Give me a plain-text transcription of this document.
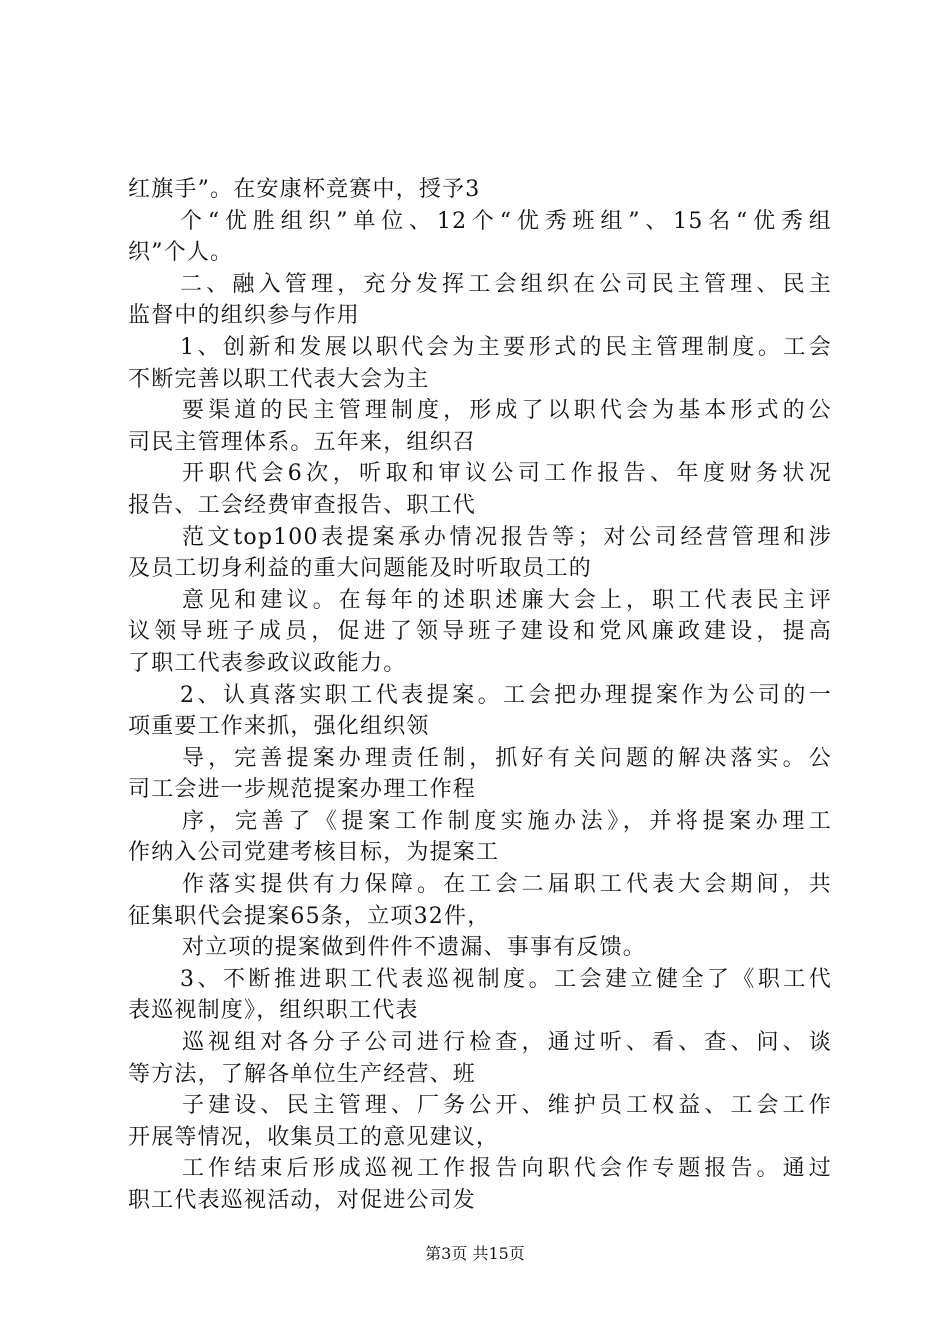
红旗手”。在安康杯竞赛中，授予3
个“优胜组织”单位、12个“优秀班组”、15名“优秀组
织”个人。
二、融入管理，充分发挥工会组织在公司民主管理、民主
监督中的组织参与作用
1、创新和发展以职代会为主要形式的民主管理制度。工会
不断完善以职工代表大会为主
要渠道的民主管理制度，形成了以职代会为基本形式的公
司民主管理体系。五年来，组织召
开职代会6次，听取和审议公司工作报告、年度财务状况
报告、工会经费审查报告、职工代
范文top100表提案承办情况报告等；对公司经营管理和涉
及员工切身利益的重大问题能及时听取员工的
意见和建议。在每年的述职述廉大会上，职工代表民主评
议领导班子成员，促进了领导班子建设和党风廉政建设，提高
了职工代表参政议政能力。
2、认真落实职工代表提案。工会把办理提案作为公司的一
项重要工作来抓，强化组织领
导，完善提案办理责任制，抓好有关问题的解决落实。公
司工会进一步规范提案办理工作程
序，完善了《提案工作制度实施办法》，并将提案办理工
作纳入公司党建考核目标，为提案工
作落实提供有力保障。在工会二届职工代表大会期间，共
征集职代会提案65条，立项32件，
对立项的提案做到件件不遗漏、事事有反馈。
3、不断推进职工代表巡视制度。工会建立健全了《职工代
表巡视制度》，组织职工代表
巡视组对各分子公司进行检查，通过听、看、查、问、谈
等方法，了解各单位生产经营、班
子建设、民主管理、厂务公开、维护员工权益、工会工作
开展等情况，收集员工的意见建议，
工作结束后形成巡视工作报告向职代会作专题报告。通过
职工代表巡视活动，对促进公司发
第3页 共15页
